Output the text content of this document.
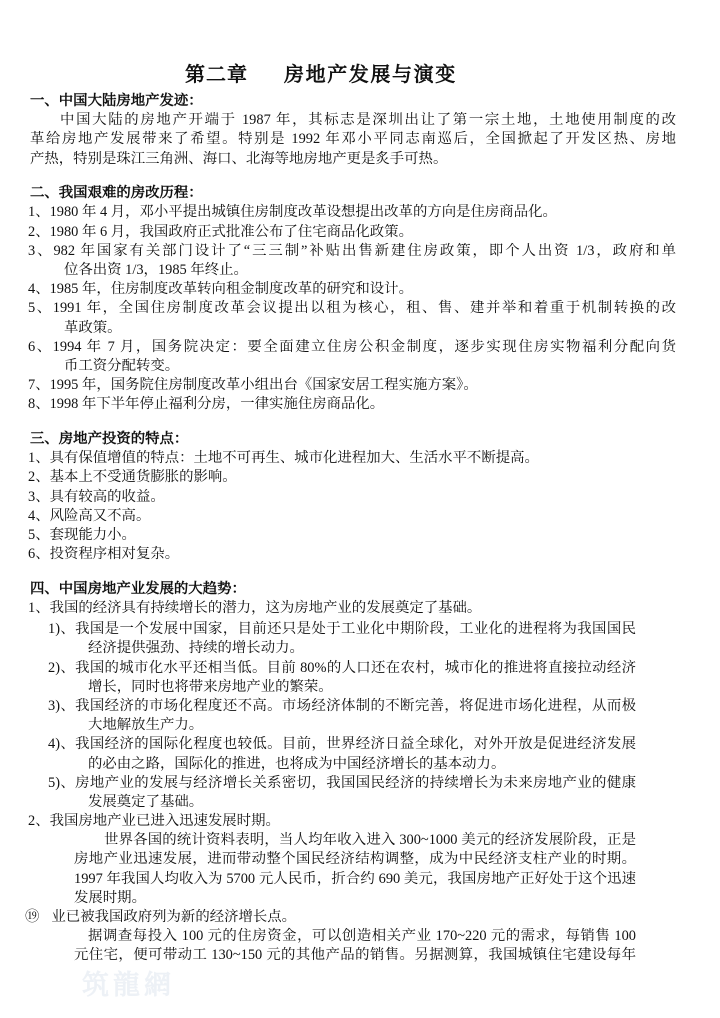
第二章 房地产发展与演变
一、中国大陆房地产发迹：
中国大陆的房地产开端于 1987 年，其标志是深圳出让了第一宗土地，土地使用制度的改
革给房地产发展带来了希望。特别是 1992 年邓小平同志南巡后，全国掀起了开发区热、房地
产热，特别是珠江三角洲、海口、北海等地房地产更是炙手可热。
二、我国艰难的房改历程：
1、1980 年 4 月，邓小平提出城镇住房制度改革设想提出改革的方向是住房商品化。
2、1980 年 6 月，我国政府正式批准公布了住宅商品化政策。
3、982 年国家有关部门设计了“三三制”补贴出售新建住房政策，即个人出资 1/3，政府和单
位各出资 1/3，1985 年终止。
4、1985 年，住房制度改革转向租金制度改革的研究和设计。
5、1991 年，全国住房制度改革会议提出以租为核心，租、售、建并举和着重于机制转换的改
革政策。
6、1994 年 7 月，国务院决定：要全面建立住房公积金制度，逐步实现住房实物福利分配向货
币工资分配转变。
7、1995 年，国务院住房制度改革小组出台《国家安居工程实施方案》。
8、1998 年下半年停止福利分房，一律实施住房商品化。
三、房地产投资的特点：
1、具有保值增值的特点：土地不可再生、城市化进程加大、生活水平不断提高。
2、基本上不受通货膨胀的影响。
3、具有较高的收益。
4、风险高又不高。
5、套现能力小。
6、投资程序相对复杂。
四、中国房地产业发展的大趋势：
1、我国的经济具有持续增长的潜力，这为房地产业的发展奠定了基础。
1)、我国是一个发展中国家，目前还只是处于工业化中期阶段，工业化的进程将为我国国民
经济提供强劲、持续的增长动力。
2)、我国的城市化水平还相当低。目前 80%的人口还在农村，城市化的推进将直接拉动经济
增长，同时也将带来房地产业的繁荣。
3)、我国经济的市场化程度还不高。市场经济体制的不断完善，将促进市场化进程，从而极
大地解放生产力。
4)、我国经济的国际化程度也较低。目前，世界经济日益全球化，对外开放是促进经济发展
的必由之路，国际化的推进，也将成为中国经济增长的基本动力。
5)、房地产业的发展与经济增长关系密切，我国国民经济的持续增长为未来房地产业的健康
发展奠定了基础。
2、我国房地产业已进入迅速发展时期。
世界各国的统计资料表明，当人均年收入进入 300~1000 美元的经济发展阶段，正是
房地产业迅速发展，进而带动整个国民经济结构调整，成为中民经济支柱产业的时期。
1997 年我国人均收入为 5700 元人民币，折合约 690 美元，我国房地产正好处于这个迅速
发展时期。
⑲ 业已被我国政府列为新的经济增长点。
据调查每投入 100 元的住房资金，可以创造相关产业 170~220 元的需求，每销售 100
元住宅，便可带动工 130~150 元的其他产品的销售。另据测算，我国城镇住宅建设每年
筑龍網
